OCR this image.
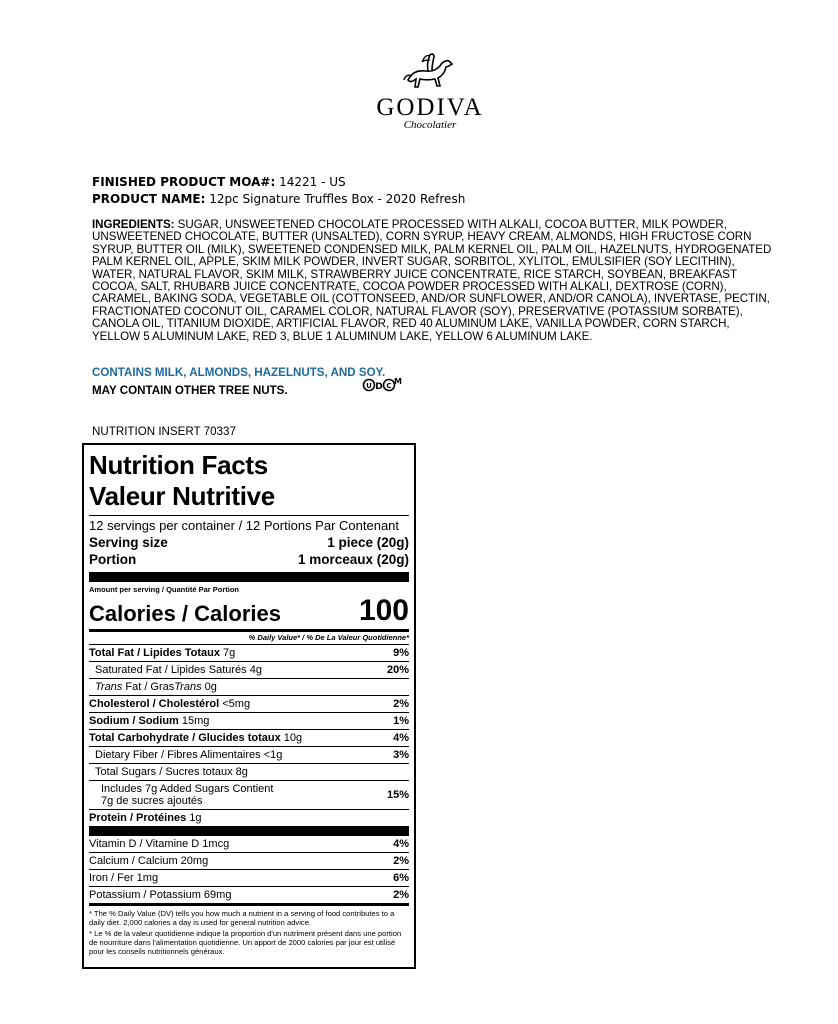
GODIVA
Chocolatier
FINISHED PRODUCT MOA#: 14221 - US
PRODUCT NAME: 12pc Signature Truffles Box - 2020 Refresh
INGREDIENTS: SUGAR, UNSWEETENED CHOCOLATE PROCESSED WITH ALKALI, COCOA BUTTER, MILK POWDER, UNSWEETENED CHOCOLATE, BUTTER (UNSALTED), CORN SYRUP, HEAVY CREAM, ALMONDS, HIGH FRUCTOSE CORN SYRUP, BUTTER OIL (MILK), SWEETENED CONDENSED MILK, PALM KERNEL OIL, PALM OIL, HAZELNUTS, HYDROGENATED PALM KERNEL OIL, APPLE, SKIM MILK POWDER, INVERT SUGAR, SORBITOL, XYLITOL, EMULSIFIER (SOY LECITHIN), WATER, NATURAL FLAVOR, SKIM MILK, STRAWBERRY JUICE CONCENTRATE, RICE STARCH, SOYBEAN, BREAKFAST COCOA, SALT, RHUBARB JUICE CONCENTRATE, COCOA POWDER PROCESSED WITH ALKALI, DEXTROSE (CORN), CARAMEL, BAKING SODA, VEGETABLE OIL (COTTONSEED, AND/OR SUNFLOWER, AND/OR CANOLA), INVERTASE, PECTIN, FRACTIONATED COCONUT OIL, CARAMEL COLOR, NATURAL FLAVOR (SOY), PRESERVATIVE (POTASSIUM SORBATE), CANOLA OIL, TITANIUM DIOXIDE, ARTIFICIAL FLAVOR, RED 40 ALUMINUM LAKE, VANILLA POWDER, CORN STARCH, YELLOW 5 ALUMINUM LAKE, RED 3, BLUE 1 ALUMINUM LAKE, YELLOW 6 ALUMINUM LAKE.
CONTAINS MILK, ALMONDS, HAZELNUTS, AND SOY.
MAY CONTAIN OTHER TREE NUTS.	U D C M
NUTRITION INSERT 70337
Nutrition Facts
Valeur Nutritive
12 servings per container / 12 Portions Par Contenant
Serving size	1 piece (20g)
Portion	1 morceaux (20g)
Amount per serving / Quantité Par Portion
Calories / Calories	100
% Daily Value* / % De La Valeur Quotidienne*
Total Fat / Lipides Totaux 7g	9%
Saturated Fat / Lipides Saturés 4g	20%
Trans Fat / GrasTrans 0g
Cholesterol / Cholestérol <5mg	2%
Sodium / Sodium 15mg	1%
Total Carbohydrate / Glucides totaux 10g	4%
Dietary Fiber / Fibres Alimentaires <1g	3%
Total Sugars / Sucres totaux 8g
Includes 7g Added Sugars Contient
7g de sucres ajoutés	15%
Protein / Protéines 1g
Vitamin D / Vitamine D 1mcg	4%
Calcium / Calcium 20mg	2%
Iron / Fer 1mg	6%
Potassium / Potassium 69mg	2%
* The % Daily Value (DV) tells you how much a nutrient in a serving of food contributes to a daily diet. 2,000 calories a day is used for general nutrition advice.
* Le % de la valeur quotidienne indique la proportion d'un nutriment présent dans une portion de nourriture dans l'alimentation quotidienne. Un apport de 2000 calories par jour est utilisé pour les conseils nutritionnels généraux.
